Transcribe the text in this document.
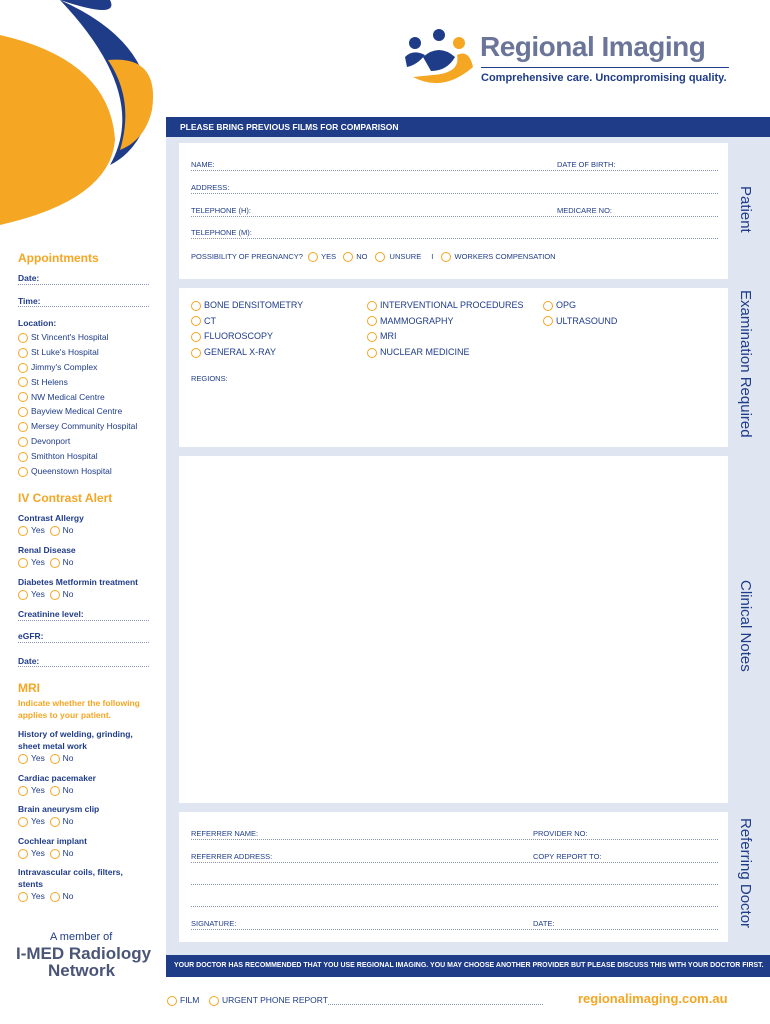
Regional Imaging
Comprehensive care. Uncompromising quality.
Appointments
Date:
Time:
Location:
St Vincent's Hospital
St Luke's Hospital
Jimmy's Complex
St Helens
NW Medical Centre
Bayview Medical Centre
Mersey Community Hospital
Devonport
Smithton Hospital
Queenstown Hospital
IV Contrast Alert
Contrast Allergy
Yes No
Renal Disease
Yes No
Diabetes Metformin treatment
Yes No
Creatinine level:
eGFR:
Date:
MRI
Indicate whether the following applies to your patient.
History of welding, grinding, sheet metal work
Yes No
Cardiac pacemaker
Yes No
Brain aneurysm clip
Yes No
Cochlear implant
Yes No
Intravascular coils, filters, stents
Yes No
A member of
I-MED Radiology
Network
PLEASE BRING PREVIOUS FILMS FOR COMPARISON
NAME:	DATE OF BIRTH:
ADDRESS:
TELEPHONE (H):	MEDICARE NO:
TELEPHONE (M):
POSSIBILITY OF PREGNANCY? YES	NO	UNSURE I	WORKERS COMPENSATION
Patient
BONE DENSITOMETRY
CT
FLUOROSCOPY
GENERAL X-RAY
INTERVENTIONAL PROCEDURES
MAMMOGRAPHY
MRI
NUCLEAR MEDICINE
OPG
ULTRASOUND
REGIONS:	Examination Required
Clinical Notes
REFERRER NAME:	PROVIDER NO:
REFERRER ADDRESS:	COPY REPORT TO:
SIGNATURE:	DATE:	Referring Doctor
YOUR DOCTOR HAS RECOMMENDED THAT YOU USE REGIONAL IMAGING. YOU MAY CHOOSE ANOTHER PROVIDER BUT PLEASE DISCUSS THIS WITH YOUR DOCTOR FIRST.
FILM	URGENT PHONE REPORT	regionalimaging.com.au
